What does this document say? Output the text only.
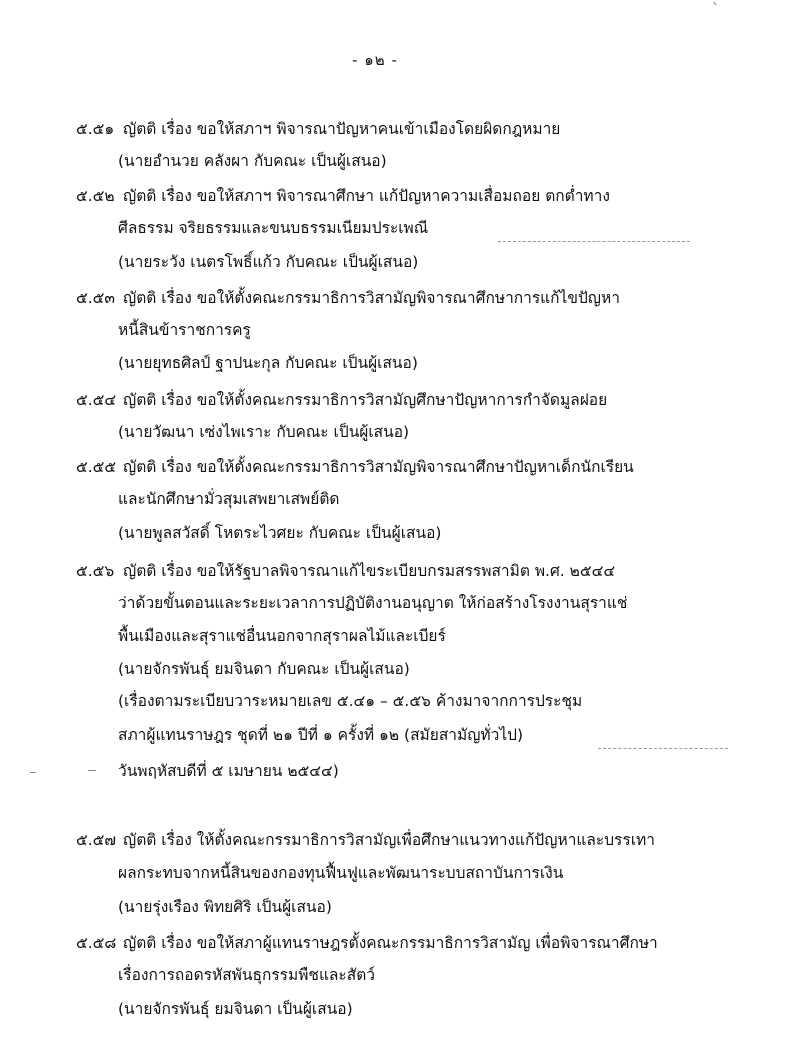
- ๑๒ -
๕.๕๑ ญัตติ เรื่อง ขอให้สภาฯ พิจารณาปัญหาคนเข้าเมืองโดยผิดกฎหมาย
(นายอำนวย คลังผา กับคณะ เป็นผู้เสนอ)
๕.๕๒ ญัตติ เรื่อง ขอให้สภาฯ พิจารณาศึกษา แก้ปัญหาความเสื่อมถอย ตกต่ำทาง
ศีลธรรม จริยธรรมและขนบธรรมเนียมประเพณี
(นายระวัง เนตรโพธิ์แก้ว กับคณะ เป็นผู้เสนอ)
๕.๕๓ ญัตติ เรื่อง ขอให้ตั้งคณะกรรมาธิการวิสามัญพิจารณาศึกษาการแก้ไขปัญหา
หนี้สินข้าราชการครู
(นายยุทธศิลป์ ฐาปนะกุล กับคณะ เป็นผู้เสนอ)
๕.๕๔ ญัตติ เรื่อง ขอให้ตั้งคณะกรรมาธิการวิสามัญศึกษาปัญหาการกำจัดมูลฝอย
(นายวัฒนา เซ่งไพเราะ กับคณะ เป็นผู้เสนอ)
๕.๕๕ ญัตติ เรื่อง ขอให้ตั้งคณะกรรมาธิการวิสามัญพิจารณาศึกษาปัญหาเด็กนักเรียน
และนักศึกษามั่วสุมเสพยาเสพย์ติด
(นายพูลสวัสดิ์ โหตระไวศยะ กับคณะ เป็นผู้เสนอ)
๕.๕๖ ญัตติ เรื่อง ขอให้รัฐบาลพิจารณาแก้ไขระเบียบกรมสรรพสามิต พ.ศ. ๒๕๔๔
ว่าด้วยขั้นตอนและระยะเวลาการปฏิบัติงานอนุญาต ให้ก่อสร้างโรงงานสุราแช่
พื้นเมืองและสุราแช่อื่นนอกจากสุราผลไม้และเบียร์
(นายจักรพันธุ์ ยมจินดา กับคณะ เป็นผู้เสนอ)
(เรื่องตามระเบียบวาระหมายเลข ๕.๔๑ – ๕.๕๖ ค้างมาจากการประชุม
สภาผู้แทนราษฎร ชุดที่ ๒๑ ปีที่ ๑ ครั้งที่ ๑๒ (สมัยสามัญทั่วไป)
วันพฤหัสบดีที่ ๕ เมษายน ๒๕๔๔)
๕.๕๗ ญัตติ เรื่อง ให้ตั้งคณะกรรมาธิการวิสามัญเพื่อศึกษาแนวทางแก้ปัญหาและบรรเทา
ผลกระทบจากหนี้สินของกองทุนฟื้นฟูและพัฒนาระบบสถาบันการเงิน
(นายรุ่งเรือง พิทยศิริ เป็นผู้เสนอ)
๕.๕๘ ญัตติ เรื่อง ขอให้สภาผู้แทนราษฎรตั้งคณะกรรมาธิการวิสามัญ เพื่อพิจารณาศึกษา
เรื่องการถอดรหัสพันธุกรรมพืชและสัตว์
(นายจักรพันธุ์ ยมจินดา เป็นผู้เสนอ)
